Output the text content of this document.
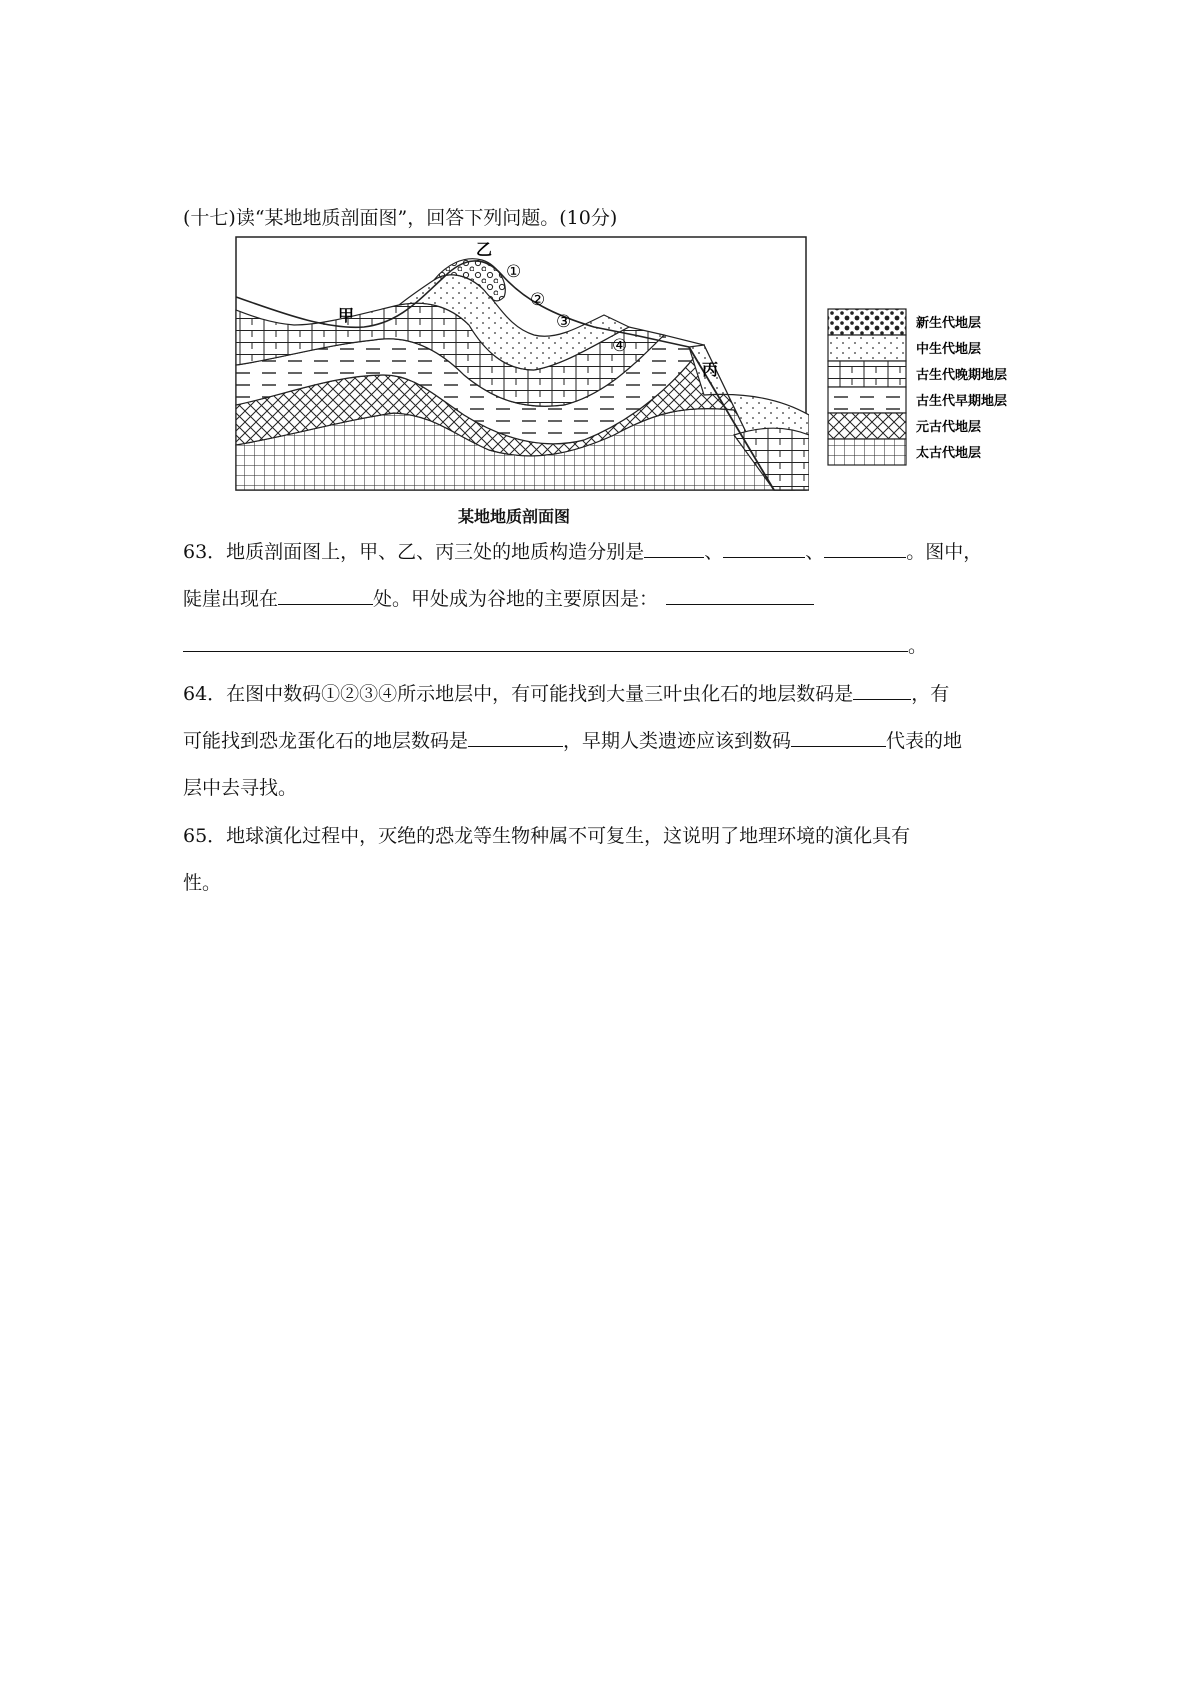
(十七)读“某地地质剖面图”，回答下列问题。(10分)
甲
乙
丙
①
②
③
④
新生代地层
中生代地层
古生代晚期地层
古生代早期地层
元古代地层
太古代地层
某地地质剖面图
63．地质剖面图上，甲、乙、丙三处的地质构造分别是	、	、	。图中，
陡崖出现在	处。甲处成为谷地的主要原因是：
。
64．在图中数码①②③④所示地层中，有可能找到大量三叶虫化石的地层数码是	，有
可能找到恐龙蛋化石的地层数码是	，早期人类遗迹应该到数码	代表的地
层中去寻找。
65．地球演化过程中，灭绝的恐龙等生物种属不可复生，这说明了地理环境的演化具有
性。
